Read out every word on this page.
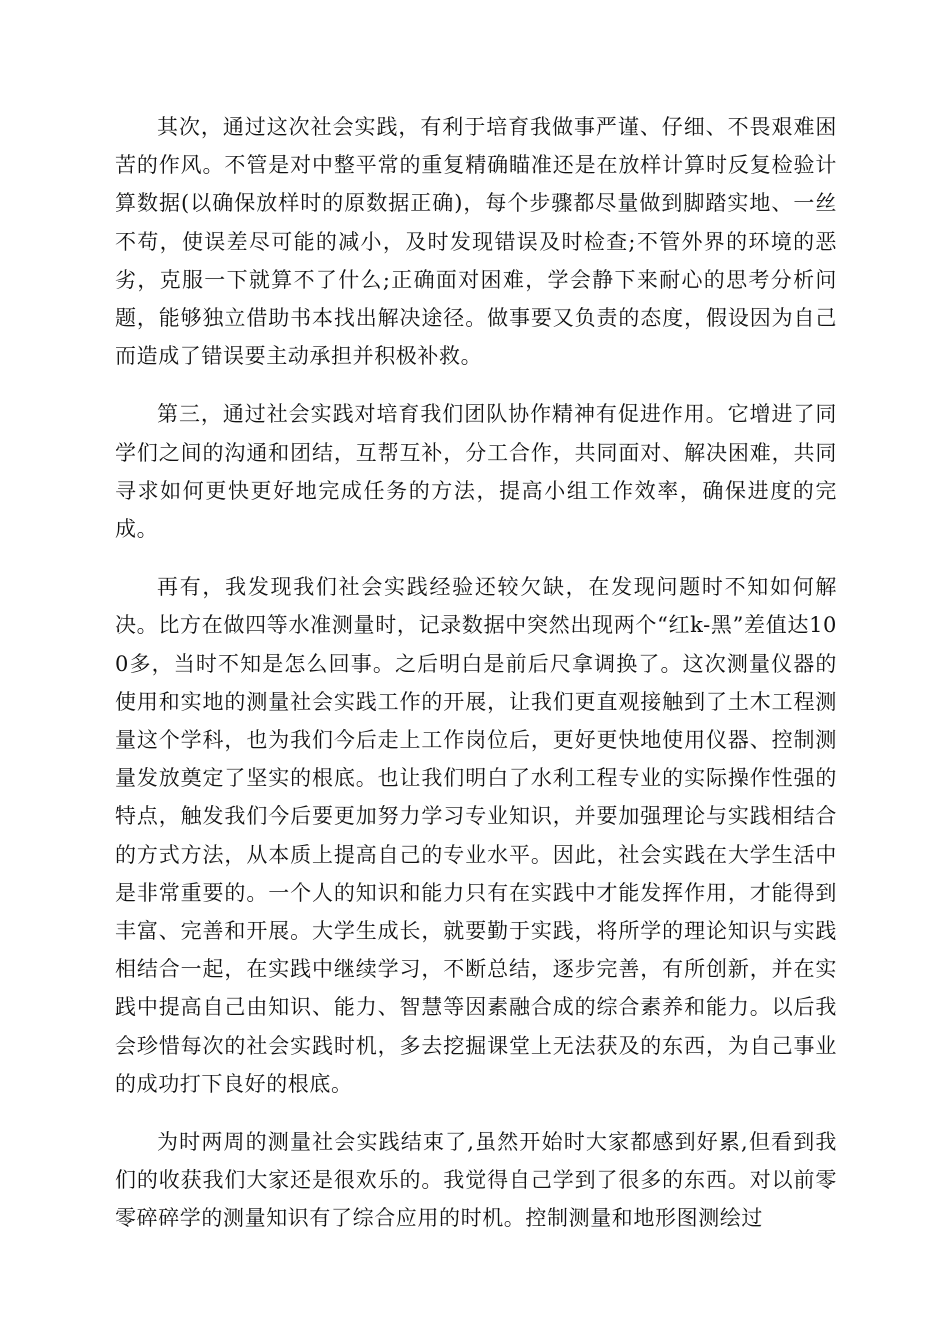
其次，通过这次社会实践，有利于培育我做事严谨、仔细、不畏艰难困苦的作风。不管是对中整平常的重复精确瞄准还是在放样计算时反复检验计算数据(以确保放样时的原数据正确)，每个步骤都尽量做到脚踏实地、一丝不苟，使误差尽可能的减小，及时发现错误及时检查;不管外界的环境的恶劣，克服一下就算不了什么;正确面对困难，学会静下来耐心的思考分析问题，能够独立借助书本找出解决途径。做事要又负责的态度，假设因为自己而造成了错误要主动承担并积极补救。

第三，通过社会实践对培育我们团队协作精神有促进作用。它增进了同学们之间的沟通和团结，互帮互补，分工合作，共同面对、解决困难，共同寻求如何更快更好地完成任务的方法，提高小组工作效率，确保进度的完成。

再有，我发现我们社会实践经验还较欠缺，在发现问题时不知如何解决。比方在做四等水准测量时，记录数据中突然出现两个“红k-黑”差值达100多，当时不知是怎么回事。之后明白是前后尺拿调换了。这次测量仪器的使用和实地的测量社会实践工作的开展，让我们更直观接触到了土木工程测量这个学科，也为我们今后走上工作岗位后，更好更快地使用仪器、控制测量发放奠定了坚实的根底。也让我们明白了水利工程专业的实际操作性强的特点，触发我们今后要更加努力学习专业知识，并要加强理论与实践相结合的方式方法，从本质上提高自己的专业水平。因此，社会实践在大学生活中是非常重要的。一个人的知识和能力只有在实践中才能发挥作用，才能得到丰富、完善和开展。大学生成长，就要勤于实践，将所学的理论知识与实践相结合一起，在实践中继续学习，不断总结，逐步完善，有所创新，并在实践中提高自己由知识、能力、智慧等因素融合成的综合素养和能力。以后我会珍惜每次的社会实践时机，多去挖掘课堂上无法获及的东西，为自己事业的成功打下良好的根底。

为时两周的测量社会实践结束了,虽然开始时大家都感到好累,但看到我们的收获我们大家还是很欢乐的。我觉得自己学到了很多的东西。对以前零零碎碎学的测量知识有了综合应用的时机。控制测量和地形图测绘过
